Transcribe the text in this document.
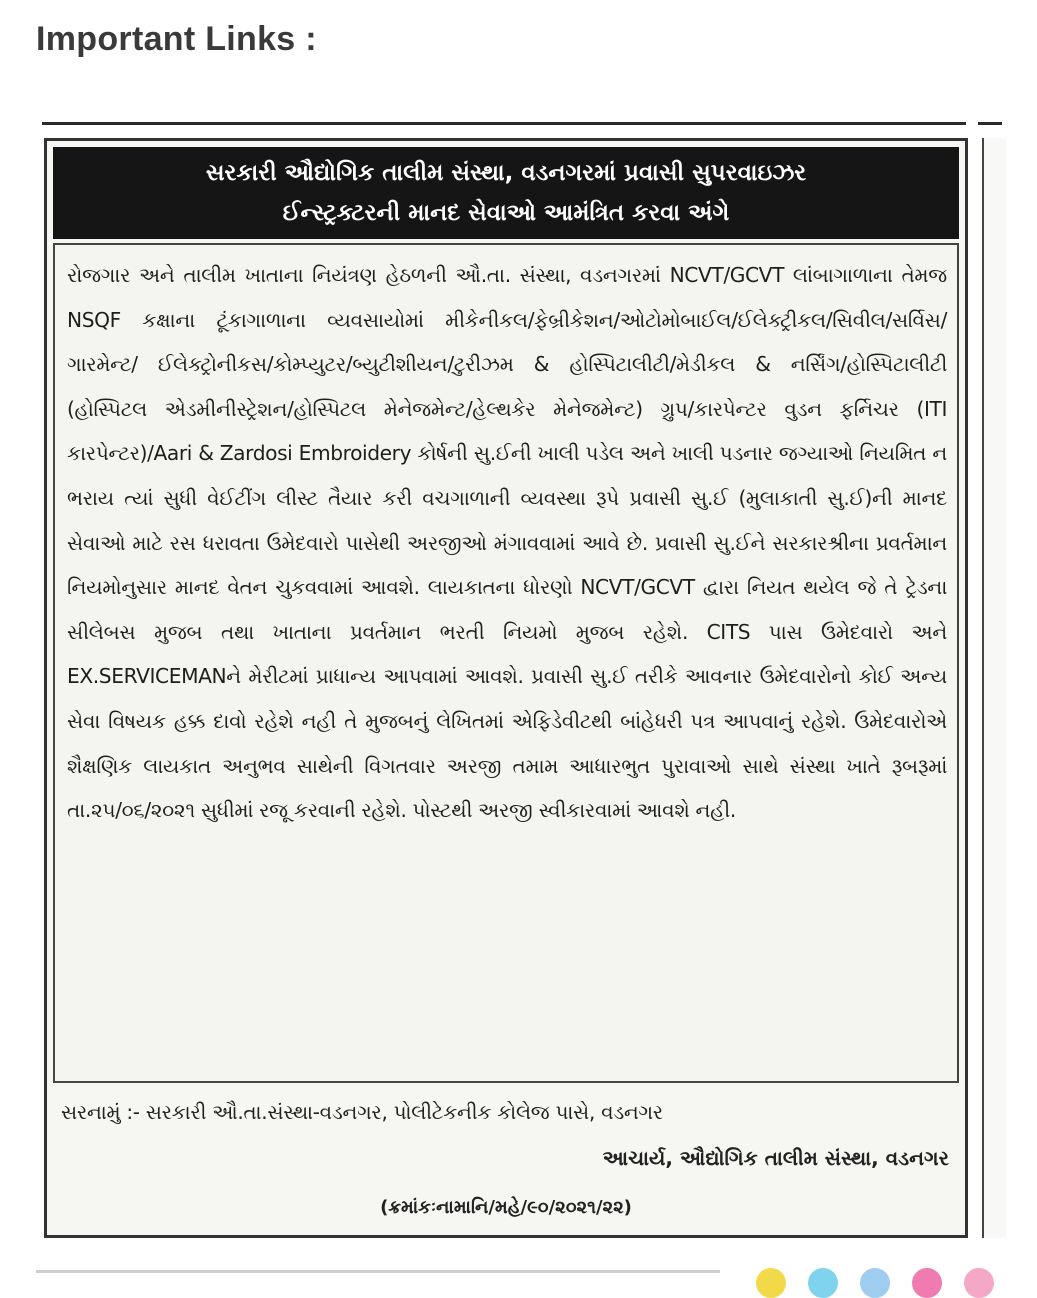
Important Links :
સરકારી ઔદ્યોગિક તાલીમ સંસ્થા, વડનગરમાં પ્રવાસી સુપરવાઇઝર
ઈન્સ્ટ્રક્ટરની માનદ સેવાઓ આમંત્રિત કરવા અંગે
રોજગાર અને તાલીમ ખાતાના નિયંત્રણ હેઠળની ઔ.તા. સંસ્થા, વડનગરમાં NCVT/GCVT લાંબાગાળાના તેમજ NSQF કક્ષાના ટૂંકાગાળાના વ્યવસાયોમાં મીકેનીકલ/ફેબ્રીકેશન/ઓટોમોબાઈલ/ઈલેક્ટ્રીકલ/સિવીલ/સર્વિસ/ગારમેન્ટ/ ઈલેક્ટ્રોનીકસ/કોમ્પ્યુટર/બ્યુટીશીયન/ટુરીઝમ & હોસ્પિટાલીટી/મેડીકલ & નર્સિંગ/હોસ્પિટાલીટી (હોસ્પિટલ એડમીનીસ્ટ્રેશન/હોસ્પિટલ મેનેજમેન્ટ/હેલ્થકેર મેનેજમેન્ટ) ગ્રુપ/કારપેન્ટર વુડન ફર્નિચર (ITI કારપેન્ટર)/Aari & Zardosi Embroidery કોર્ષની સુ.ઈની ખાલી પડેલ અને ખાલી પડનાર જગ્યાઓ નિયમિત ન ભરાય ત્યાં સુધી વેઈટીંગ લીસ્ટ તૈયાર કરી વચગાળાની વ્યવસ્થા રૂપે પ્રવાસી સુ.ઈ (મુલાકાતી સુ.ઈ)ની માનદ સેવાઓ માટે રસ ધરાવતા ઉમેદવારો પાસેથી અરજીઓ મંગાવવામાં આવે છે. પ્રવાસી સુ.ઈને સરકારશ્રીના પ્રવર્તમાન નિયમોનુસાર માનદ વેતન ચુકવવામાં આવશે. લાયકાતના ધોરણો NCVT/GCVT દ્વારા નિયત થયેલ જે તે ટ્રેડના સીલેબસ મુજબ તથા ખાતાના પ્રવર્તમાન ભરતી નિયમો મુજબ રહેશે. CITS પાસ ઉમેદવારો અને EX.SERVICEMANને મેરીટમાં પ્રાધાન્ય આપવામાં આવશે. પ્રવાસી સુ.ઈ તરીકે આવનાર ઉમેદવારોનો કોઈ અન્ય સેવા વિષયક હક્ક દાવો રહેશે નહી તે મુજબનું લેખિતમાં એફિડેવીટથી બાંહેધરી પત્ર આપવાનું રહેશે. ઉમેદવારોએ શૈક્ષણિક લાયકાત અનુભવ સાથેની વિગતવાર અરજી તમામ આધારભુત પુરાવાઓ સાથે સંસ્થા ખાતે રૂબરૂમાં તા.૨૫/૦૬/૨૦૨૧ સુધીમાં રજૂ કરવાની રહેશે. પોસ્ટથી અરજી સ્વીકારવામાં આવશે નહી.
સરનામું :- સરકારી ઔ.તા.સંસ્થા-વડનગર, પોલીટેકનીક કોલેજ પાસે, વડનગર
આચાર્ય, ઔદ્યોગિક તાલીમ સંસ્થા, વડનગર
(ક્રમાંકઃનામાનિ/મહે/૯૦/૨૦૨૧/૨૨)
